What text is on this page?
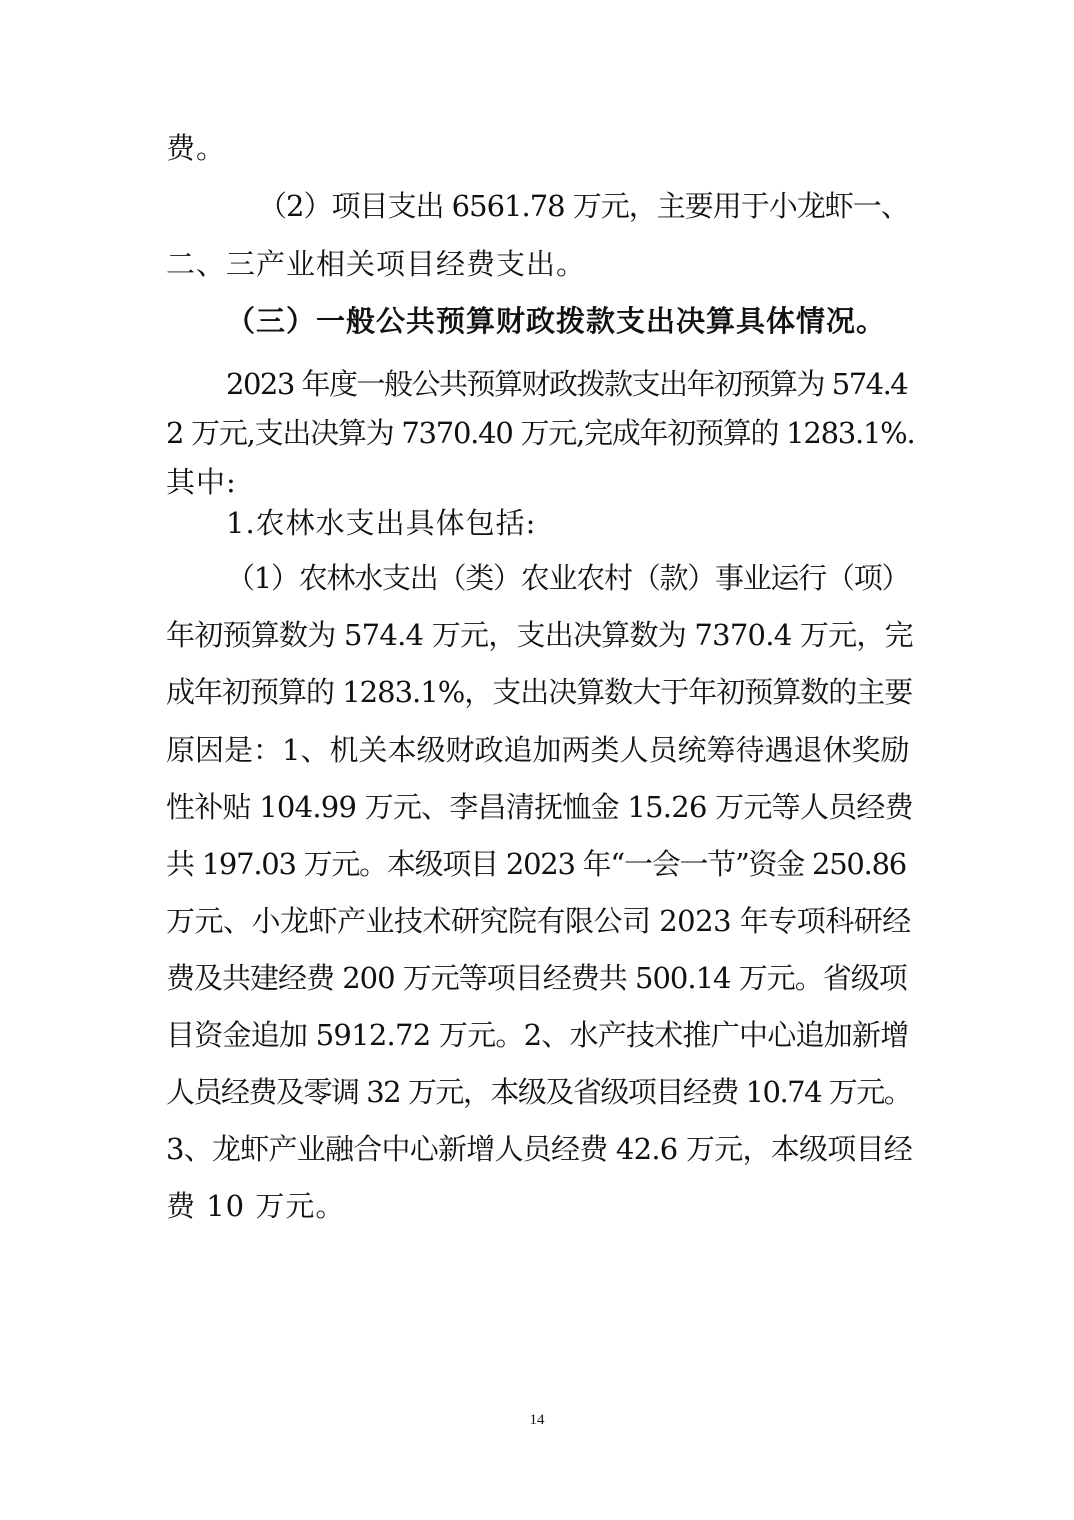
费。
（2）项目支出 6561.78 万元，主要用于小龙虾一、
二、三产业相关项目经费支出。
（三）一般公共预算财政拨款支出决算具体情况。
2023 年度一般公共预算财政拨款支出年初预算为 574.4
2 万元,支出决算为 7370.40 万元,完成年初预算的 1283.1%.
其中:
1.农林水支出具体包括:
（1）农林水支出（类）农业农村（款）事业运行（项）
年初预算数为 574.4 万元，支出决算数为 7370.4 万元，完
成年初预算的 1283.1%，支出决算数大于年初预算数的主要
原因是：1、机关本级财政追加两类人员统筹待遇退休奖励
性补贴 104.99 万元、李昌清抚恤金 15.26 万元等人员经费
共 197.03 万元。本级项目 2023 年“一会一节”资金 250.86
万元、小龙虾产业技术研究院有限公司 2023 年专项科研经
费及共建经费 200 万元等项目经费共 500.14 万元。省级项
目资金追加 5912.72 万元。2、水产技术推广中心追加新增
人员经费及零调 32 万元，本级及省级项目经费 10.74 万元。
3、龙虾产业融合中心新增人员经费 42.6 万元，本级项目经
费 10 万元。
14
